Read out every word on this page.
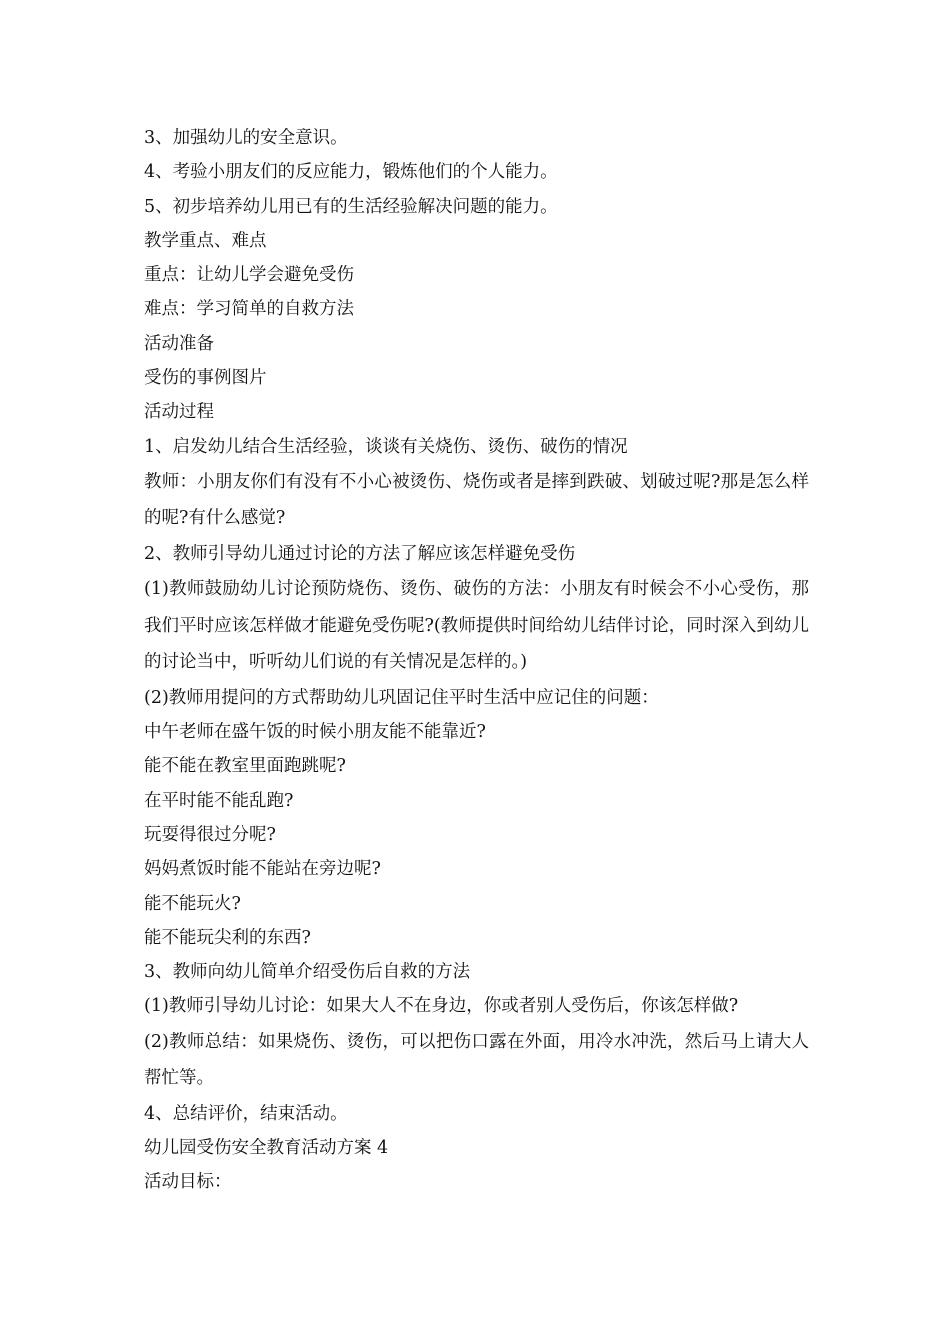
3、加强幼儿的安全意识。

4、考验小朋友们的反应能力，锻炼他们的个人能力。

5、初步培养幼儿用已有的生活经验解决问题的能力。

教学重点、难点

重点：让幼儿学会避免受伤

难点：学习简单的自救方法

活动准备

受伤的事例图片

活动过程

1、启发幼儿结合生活经验，谈谈有关烧伤、烫伤、破伤的情况

教师：小朋友你们有没有不小心被烫伤、烧伤或者是摔到跌破、划破过呢?那是怎么样的呢?有什么感觉?

2、教师引导幼儿通过讨论的方法了解应该怎样避免受伤

(1)教师鼓励幼儿讨论预防烧伤、烫伤、破伤的方法：小朋友有时候会不小心受伤，那我们平时应该怎样做才能避免受伤呢?(教师提供时间给幼儿结伴讨论，同时深入到幼儿的讨论当中，听听幼儿们说的有关情况是怎样的。)

(2)教师用提问的方式帮助幼儿巩固记住平时生活中应记住的问题：

中午老师在盛午饭的时候小朋友能不能靠近?

能不能在教室里面跑跳呢?

在平时能不能乱跑?

玩耍得很过分呢?

妈妈煮饭时能不能站在旁边呢?

能不能玩火?

能不能玩尖利的东西?

3、教师向幼儿简单介绍受伤后自救的方法

(1)教师引导幼儿讨论：如果大人不在身边，你或者别人受伤后，你该怎样做?

(2)教师总结：如果烧伤、烫伤，可以把伤口露在外面，用冷水冲洗，然后马上请大人帮忙等。

4、总结评价，结束活动。

幼儿园受伤安全教育活动方案 4

活动目标：
